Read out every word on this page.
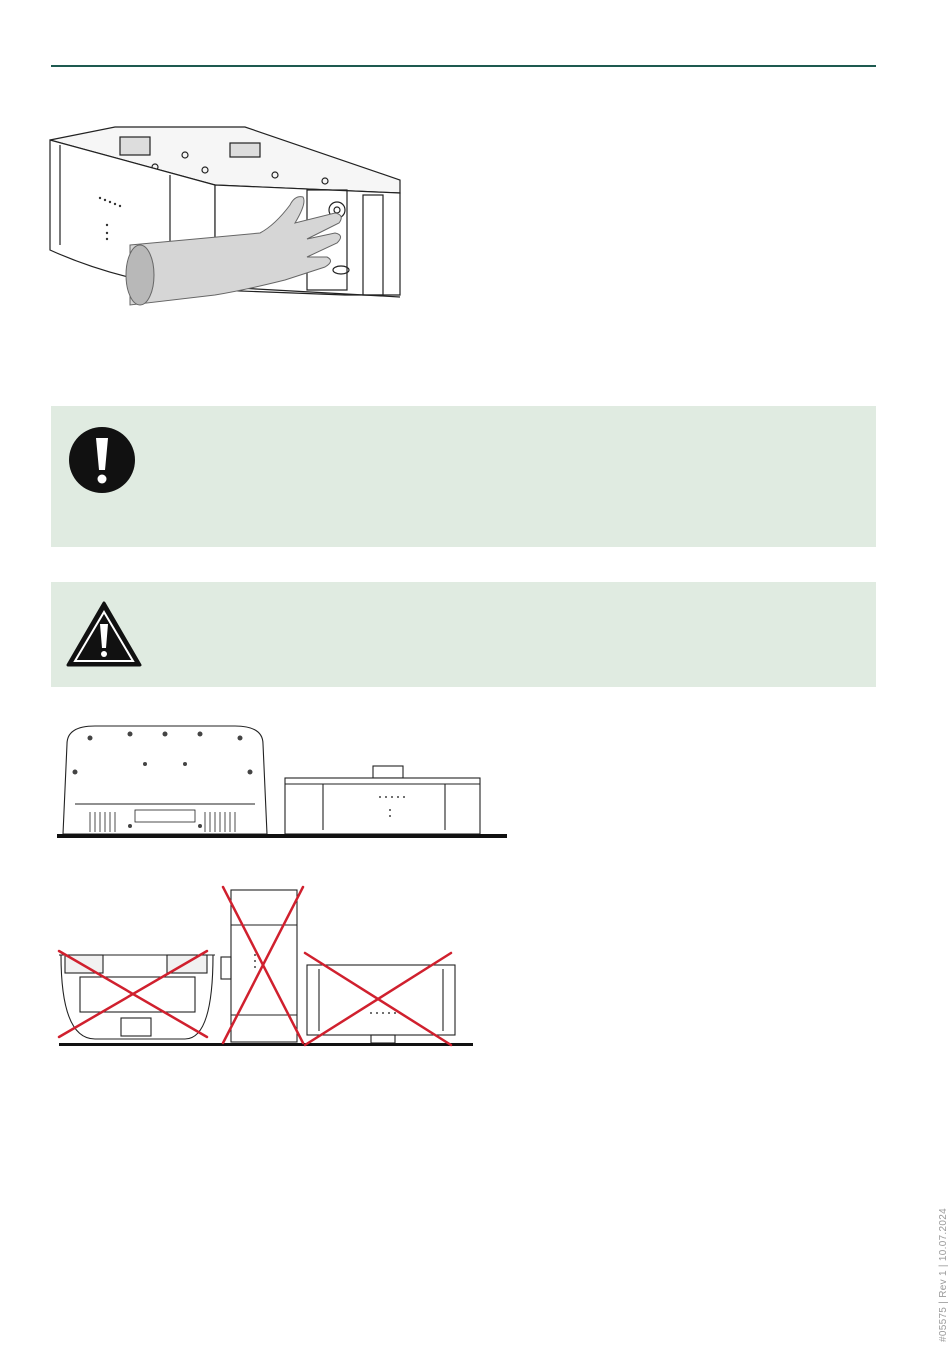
#05575 | Rev 1 | 10.07.2024
